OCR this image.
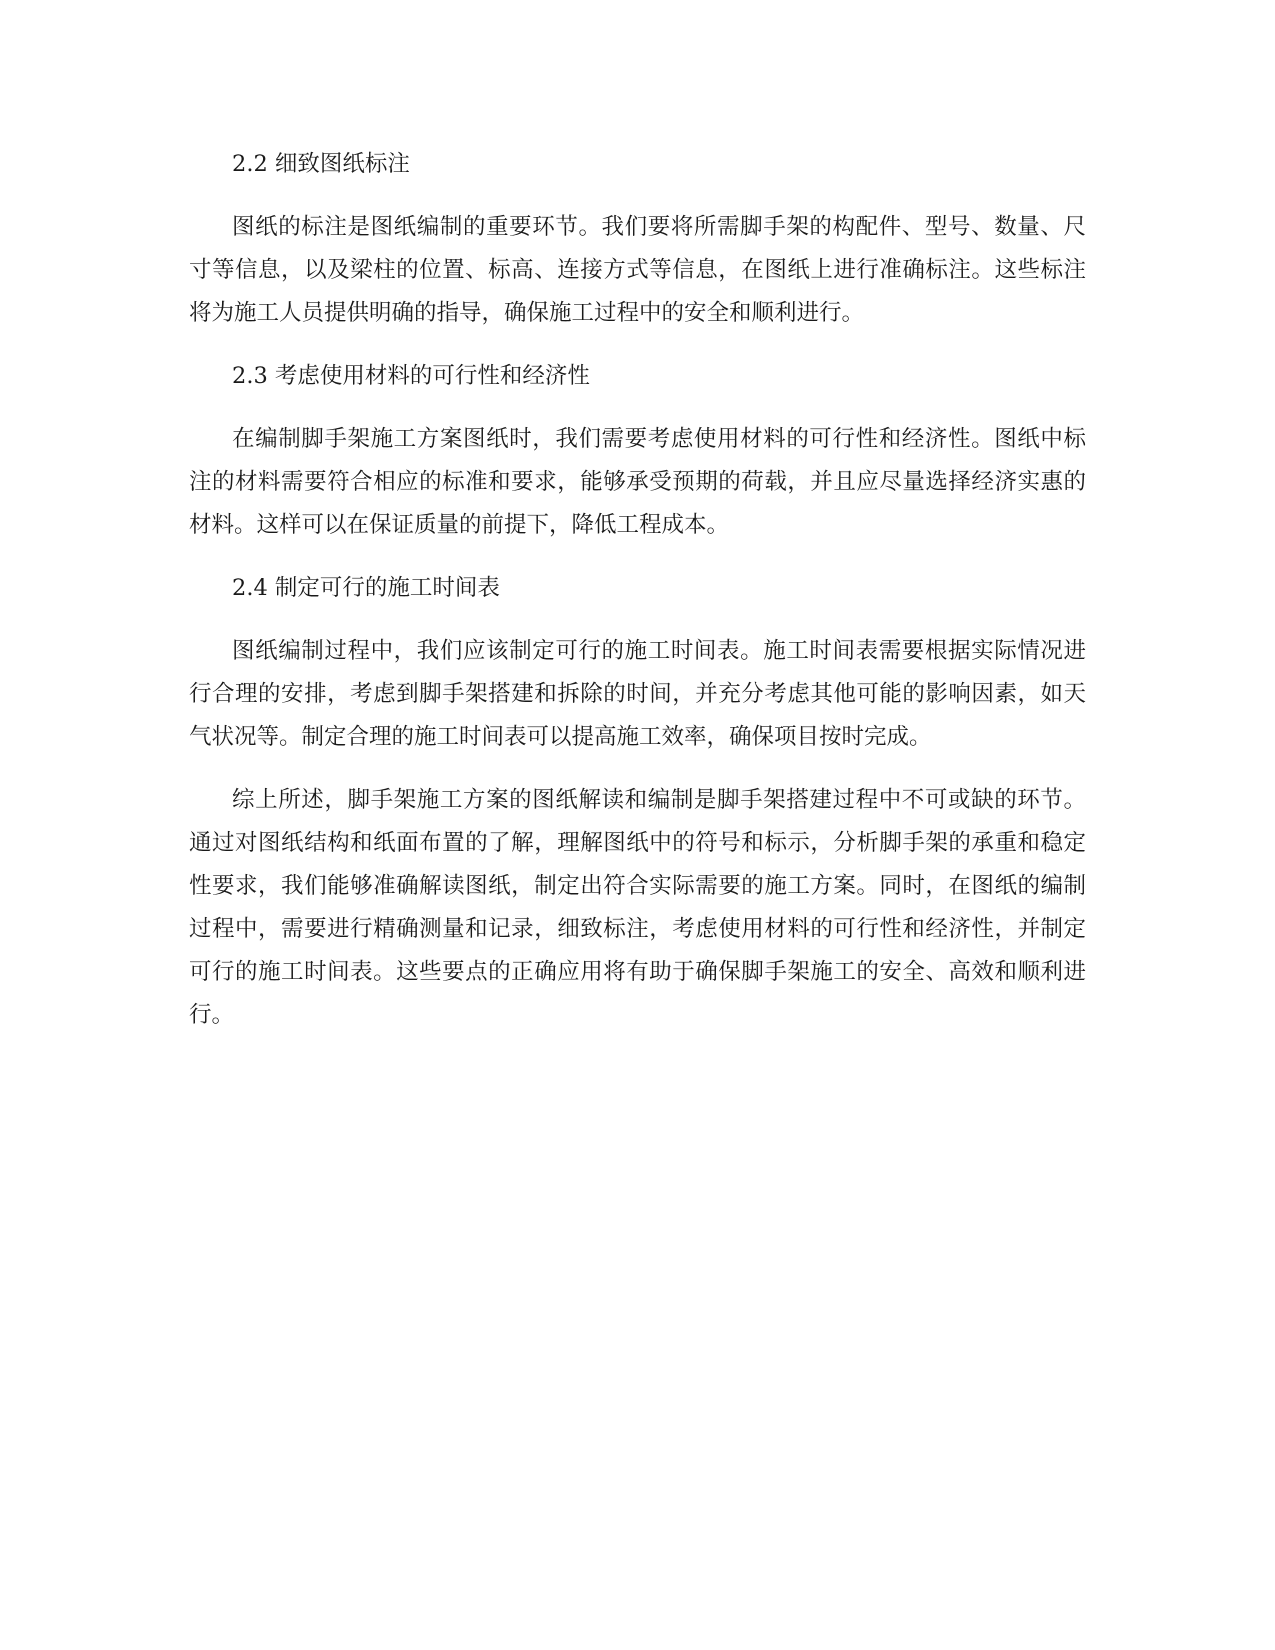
2.2 细致图纸标注

图纸的标注是图纸编制的重要环节。我们要将所需脚手架的构配件、型号、数量、尺寸等信息，以及梁柱的位置、标高、连接方式等信息，在图纸上进行准确标注。这些标注将为施工人员提供明确的指导，确保施工过程中的安全和顺利进行。

2.3 考虑使用材料的可行性和经济性

在编制脚手架施工方案图纸时，我们需要考虑使用材料的可行性和经济性。图纸中标注的材料需要符合相应的标准和要求，能够承受预期的荷载，并且应尽量选择经济实惠的材料。这样可以在保证质量的前提下，降低工程成本。

2.4 制定可行的施工时间表

图纸编制过程中，我们应该制定可行的施工时间表。施工时间表需要根据实际情况进行合理的安排，考虑到脚手架搭建和拆除的时间，并充分考虑其他可能的影响因素，如天气状况等。制定合理的施工时间表可以提高施工效率，确保项目按时完成。

综上所述，脚手架施工方案的图纸解读和编制是脚手架搭建过程中不可或缺的环节。通过对图纸结构和纸面布置的了解，理解图纸中的符号和标示，分析脚手架的承重和稳定性要求，我们能够准确解读图纸，制定出符合实际需要的施工方案。同时，在图纸的编制过程中，需要进行精确测量和记录，细致标注，考虑使用材料的可行性和经济性，并制定可行的施工时间表。这些要点的正确应用将有助于确保脚手架施工的安全、高效和顺利进行。
